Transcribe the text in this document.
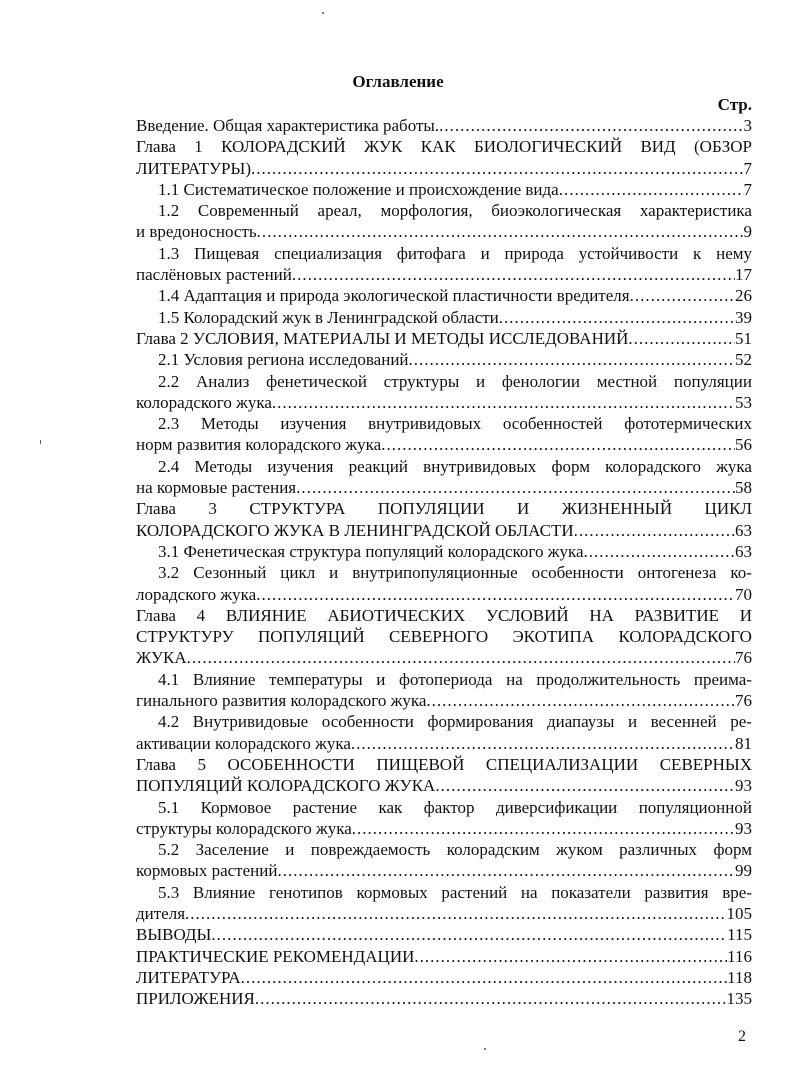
Оглавление
Стр.
Введение. Общая характеристика работы. .....	3
Глава 1 КОЛОРАДСКИЙ ЖУК КАК БИОЛОГИЧЕСКИЙ ВИД (ОБЗОР
ЛИТЕРАТУРЫ) .....	7
1.1 Систематическое положение и происхождение вида .....	7
1.2 Современный ареал, морфология, биоэкологическая характеристика
и вредоносность .....	9
1.3 Пищевая специализация фитофага и природа устойчивости к нему
паслёновых растений .....	17
1.4 Адаптация и природа экологической пластичности вредителя .....	26
1.5 Колорадский жук в Ленинградской области .....	39
Глава 2 УСЛОВИЯ, МАТЕРИАЛЫ И МЕТОДЫ ИССЛЕДОВАНИЙ .....	51
2.1 Условия региона исследований .....	52
2.2 Анализ фенетической структуры и фенологии местной популяции
колорадского жука .....	53
2.3 Методы изучения внутривидовых особенностей фототермических
норм развития колорадского жука .....	56
2.4 Методы изучения реакций внутривидовых форм колорадского жука
на кормовые растения .....	58
Глава 3 СТРУКТУРА ПОПУЛЯЦИИ И ЖИЗНЕННЫЙ ЦИКЛ
КОЛОРАДСКОГО ЖУКА В ЛЕНИНГРАДСКОЙ ОБЛАСТИ .....	63
3.1 Фенетическая структура популяций колорадского жука .....	63
3.2 Сезонный цикл и внутрипопуляционные особенности онтогенеза ко-
лорадского жука .....	70
Глава 4 ВЛИЯНИЕ АБИОТИЧЕСКИХ УСЛОВИЙ НА РАЗВИТИЕ И
СТРУКТУРУ ПОПУЛЯЦИЙ СЕВЕРНОГО ЭКОТИПА КОЛОРАДСКОГО
ЖУКА .....	76
4.1 Влияние температуры и фотопериода на продолжительность преима-
гинального развития колорадского жука .....	76
4.2 Внутривидовые особенности формирования диапаузы и весенней ре-
активации колорадского жука .....	81
Глава 5 ОСОБЕННОСТИ ПИЩЕВОЙ СПЕЦИАЛИЗАЦИИ СЕВЕРНЫХ
ПОПУЛЯЦИЙ КОЛОРАДСКОГО ЖУКА .....	93
5.1 Кормовое растение как фактор диверсификации популяционной
структуры колорадского жука .....	93
5.2 Заселение и повреждаемость колорадским жуком различных форм
кормовых растений .....	99
5.3 Влияние генотипов кормовых растений на показатели развития вре-
дителя .....	105
ВЫВОДЫ .....	115
ПРАКТИЧЕСКИЕ РЕКОМЕНДАЦИИ .....	116
ЛИТЕРАТУРА .....	118
ПРИЛОЖЕНИЯ .....	135
2
